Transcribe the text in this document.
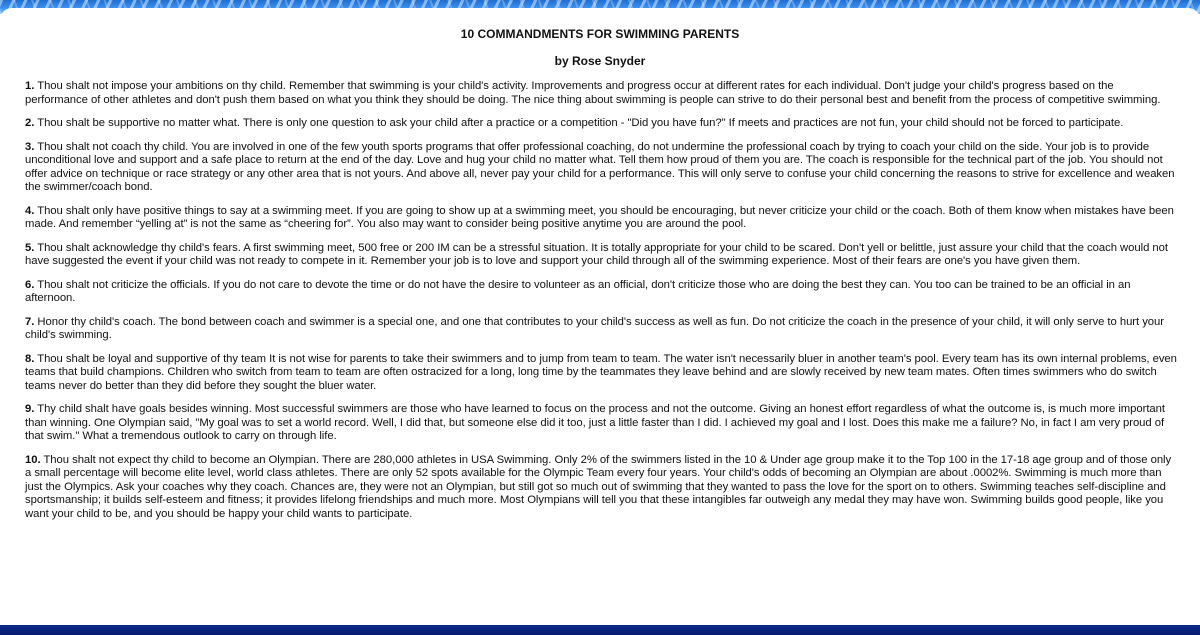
10 COMMANDMENTS FOR SWIMMING PARENTS

by Rose Snyder

1. Thou shalt not impose your ambitions on thy child. Remember that swimming is your child's activity. Improvements and progress occur at different rates for each individual. Don't judge your child's progress based on the performance of other athletes and don't push them based on what you think they should be doing. The nice thing about swimming is people can strive to do their personal best and benefit from the process of competitive swimming.

2. Thou shalt be supportive no matter what. There is only one question to ask your child after a practice or a competition - "Did you have fun?" If meets and practices are not fun, your child should not be forced to participate.

3. Thou shalt not coach thy child. You are involved in one of the few youth sports programs that offer professional coaching, do not undermine the professional coach by trying to coach your child on the side. Your job is to provide unconditional love and support and a safe place to return at the end of the day. Love and hug your child no matter what. Tell them how proud of them you are. The coach is responsible for the technical part of the job. You should not offer advice on technique or race strategy or any other area that is not yours. And above all, never pay your child for a performance. This will only serve to confuse your child concerning the reasons to strive for excellence and weaken the swimmer/coach bond.

4. Thou shalt only have positive things to say at a swimming meet. If you are going to show up at a swimming meet, you should be encouraging, but never criticize your child or the coach. Both of them know when mistakes have been made. And remember “yelling at” is not the same as “cheering for”. You also may want to consider being positive anytime you are around the pool.

5. Thou shalt acknowledge thy child's fears. A first swimming meet, 500 free or 200 IM can be a stressful situation. It is totally appropriate for your child to be scared. Don't yell or belittle, just assure your child that the coach would not have suggested the event if your child was not ready to compete in it. Remember your job is to love and support your child through all of the swimming experience. Most of their fears are one's you have given them.

6. Thou shalt not criticize the officials. If you do not care to devote the time or do not have the desire to volunteer as an official, don't criticize those who are doing the best they can. You too can be trained to be an official in an afternoon.

7. Honor thy child's coach. The bond between coach and swimmer is a special one, and one that contributes to your child's success as well as fun. Do not criticize the coach in the presence of your child, it will only serve to hurt your child's swimming.

8. Thou shalt be loyal and supportive of thy team It is not wise for parents to take their swimmers and to jump from team to team. The water isn't necessarily bluer in another team's pool. Every team has its own internal problems, even teams that build champions. Children who switch from team to team are often ostracized for a long, long time by the teammates they leave behind and are slowly received by new team mates. Often times swimmers who do switch teams never do better than they did before they sought the bluer water.

9. Thy child shalt have goals besides winning. Most successful swimmers are those who have learned to focus on the process and not the outcome. Giving an honest effort regardless of what the outcome is, is much more important than winning. One Olympian said, "My goal was to set a world record. Well, I did that, but someone else did it too, just a little faster than I did. I achieved my goal and I lost. Does this make me a failure? No, in fact I am very proud of that swim." What a tremendous outlook to carry on through life.

10. Thou shalt not expect thy child to become an Olympian. There are 280,000 athletes in USA Swimming. Only 2% of the swimmers listed in the 10 & Under age group make it to the Top 100 in the 17-18 age group and of those only a small percentage will become elite level, world class athletes. There are only 52 spots available for the Olympic Team every four years. Your child's odds of becoming an Olympian are about .0002%. Swimming is much more than just the Olympics. Ask your coaches why they coach. Chances are, they were not an Olympian, but still got so much out of swimming that they wanted to pass the love for the sport on to others. Swimming teaches self-discipline and sportsmanship; it builds self-esteem and fitness; it provides lifelong friendships and much more. Most Olympians will tell you that these intangibles far outweigh any medal they may have won. Swimming builds good people, like you want your child to be, and you should be happy your child wants to participate.
